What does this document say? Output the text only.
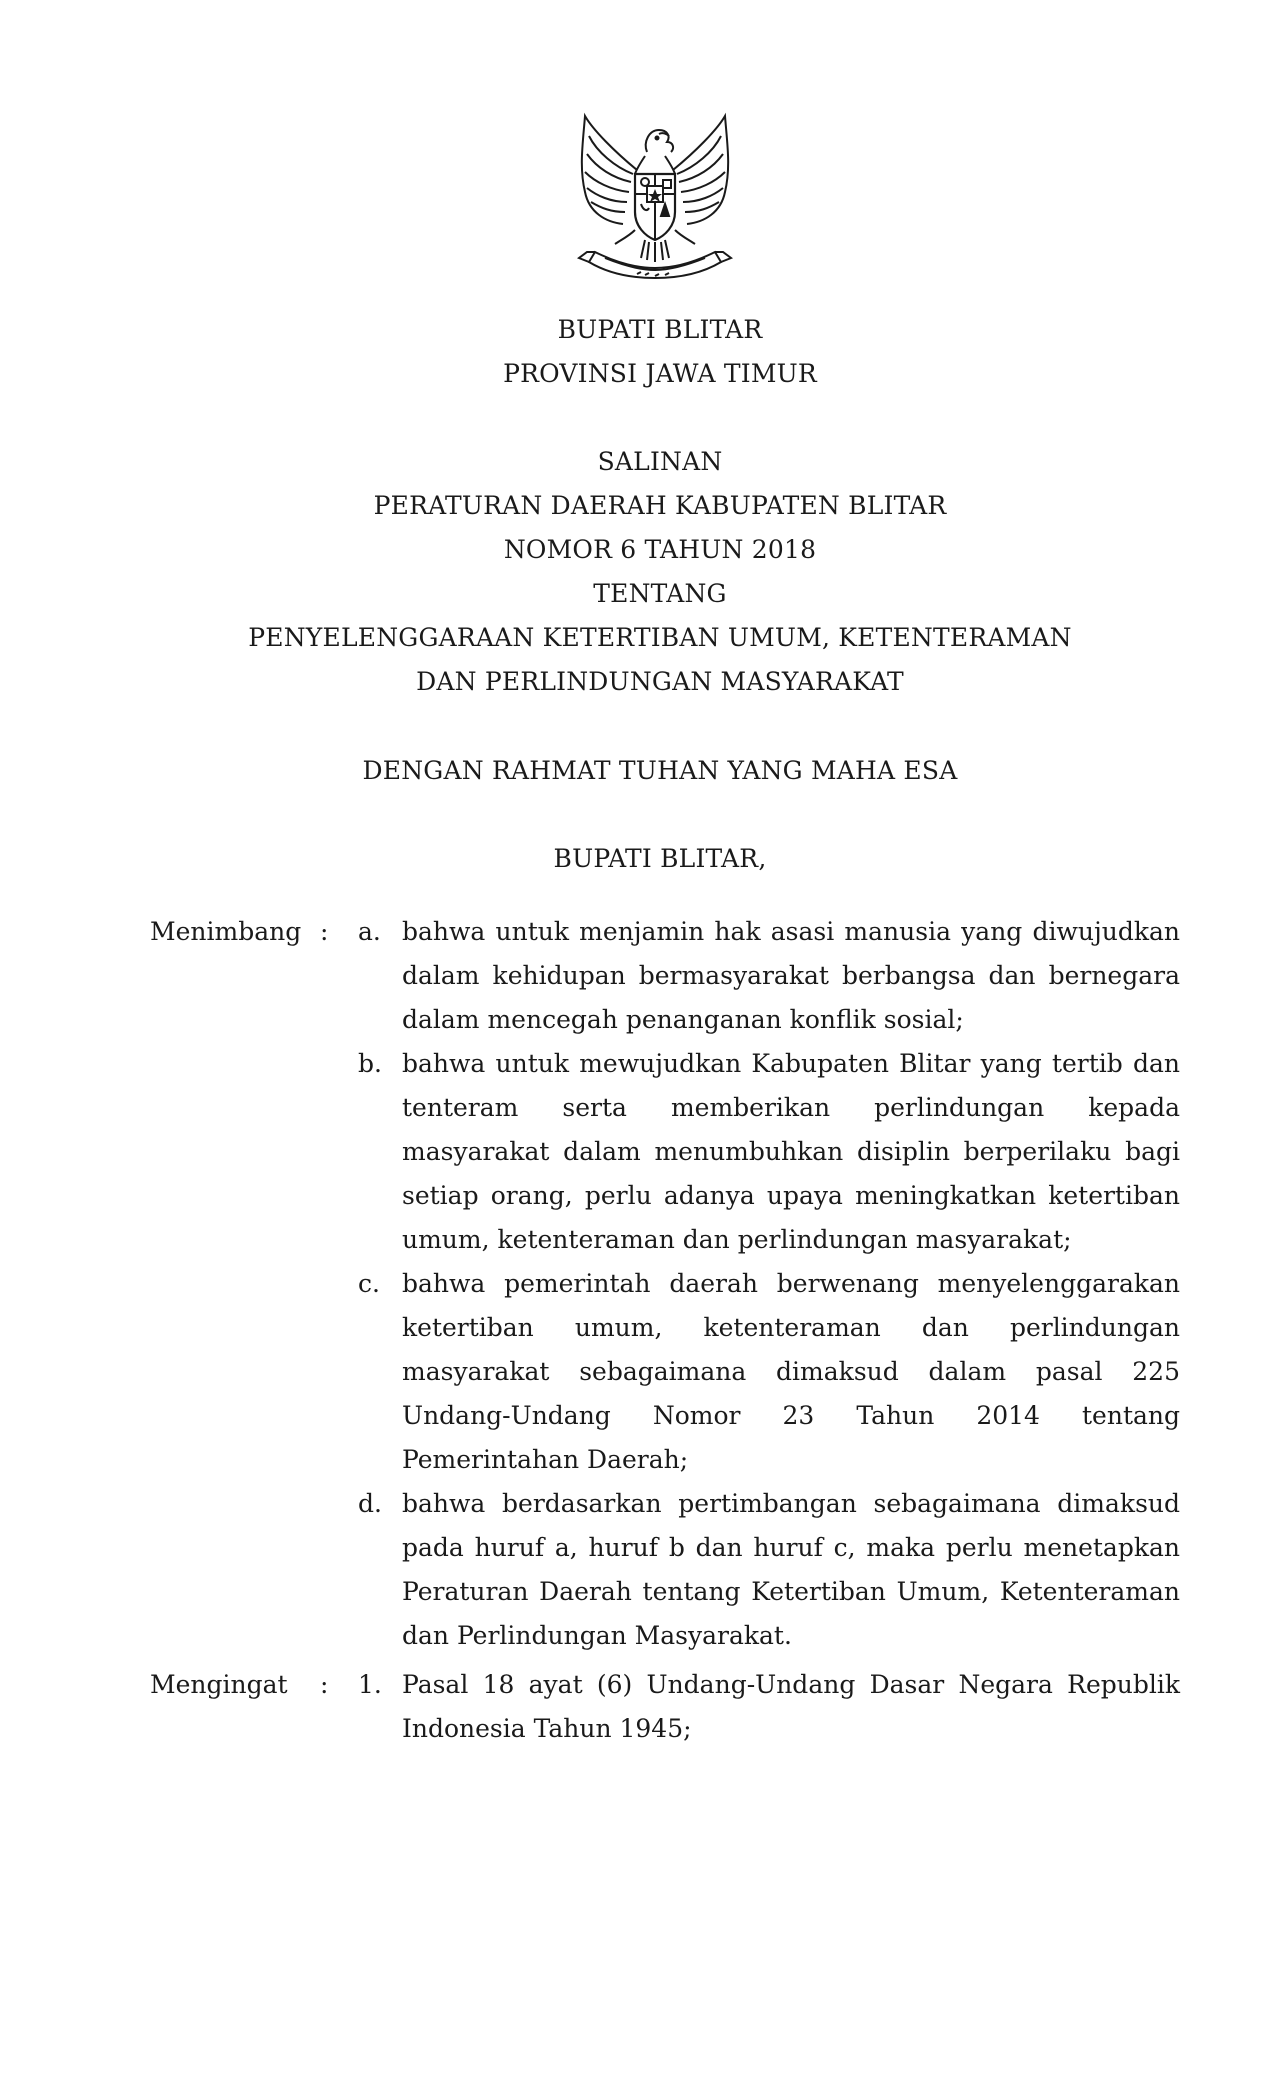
BUPATI BLITAR
PROVINSI JAWA TIMUR
SALINAN
PERATURAN DAERAH KABUPATEN BLITAR
NOMOR 6 TAHUN 2018
TENTANG
PENYELENGGARAAN KETERTIBAN UMUM, KETENTERAMAN
DAN PERLINDUNGAN MASYARAKAT
DENGAN RAHMAT TUHAN YANG MAHA ESA
BUPATI BLITAR,
Menimbang :	a. bahwa untuk menjamin hak asasi manusia yang diwujudkan dalam kehidupan bermasyarakat berbangsa dan bernegara dalam mencegah penanganan konflik sosial;
b. bahwa untuk mewujudkan Kabupaten Blitar yang tertib dan tenteram serta memberikan perlindungan kepada masyarakat dalam menumbuhkan disiplin berperilaku bagi setiap orang, perlu adanya upaya meningkatkan ketertiban umum, ketenteraman dan perlindungan masyarakat;
c. bahwa pemerintah daerah berwenang menyelenggarakan ketertiban umum, ketenteraman dan perlindungan masyarakat sebagaimana dimaksud dalam pasal 225 Undang-Undang Nomor 23 Tahun 2014 tentang Pemerintahan Daerah;
d. bahwa berdasarkan pertimbangan sebagaimana dimaksud pada huruf a, huruf b dan huruf c, maka perlu menetapkan Peraturan Daerah tentang Ketertiban Umum, Ketenteraman dan Perlindungan Masyarakat.
Mengingat	:	1. Pasal 18 ayat (6) Undang-Undang Dasar Negara Republik Indonesia Tahun 1945;
